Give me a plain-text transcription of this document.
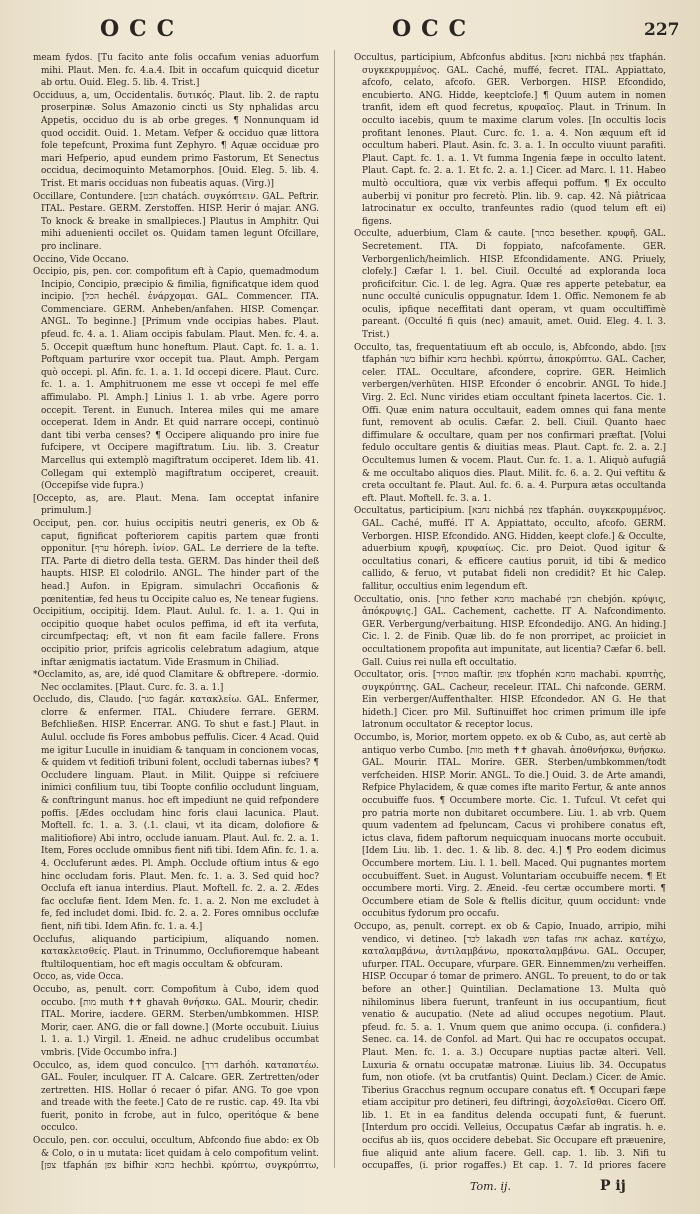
OCC	OCC	227

meam fydos. [Tu facito ante folis occafum venias aduorfum mihi. Plaut. Men. fc. 4.a.4. Ibit in occafum quicquid dicetur ab ortu. Ouid. Eleg. 5. lib. 4. Trist.]

Occiduus, a, um, Occidentalis. δυτικός. Plaut. lib. 2. de raptu proserpinæ. Solus Amazonio cincti us Sty nphalidas arcu Appetis, occiduo du is ab orbe greges. ¶ Nonnunquam id quod occidit. Ouid. 1. Metam. Vefper & occiduo quæ littora fole tepefcunt, Proxima funt Zephyro. ¶ Aquæ occiduæ pro mari Hefperio, apud eundem primo Fastorum, Et Senectus occidua, decimoquinto Metamorphos. [Ouid. Eleg. 5. lib. 4. Trist. Et maris occiduas non fubeatis aquas. (Virg.)]

Occillare, Contundere. [חבט chatách. συγκόπτειν. GAL. Peftrir. ITAL. Pestare. GERM. Zerstoffen. HISP. Herir ó majar. ANG. To knock & breake in smallpieces.] Plautus in Amphitr. Qui mihi aduenienti occilet os. Quidam tamen legunt Ofcillare, pro inclinare.

Occino, Vide Occano.

Occipio, pis, pen. cor. compofitum eft à Capio, quemadmodum Incipio, Concipio, præcipio & fimilia, fignificatque idem quod incipio. [הכל hechél. ἐνάρχομαι. GAL. Commencer. ITA. Commenciare. GERM. Anheben/anfahen. HISP. Començar. ANGL. To beginne.] [Primum vnde occipias habes. Plaut. pfeud. fc. 4. a. 1. Aliam occipis fabulam. Plaut. Men. fc. 4. a. 5. Occepit quæftum hunc honeftum. Plaut. Capt. fc. 1. a. 1. Poftquam parturire vxor occepit tua. Plaut. Amph. Pergam quò occepi. pl. Afin. fc. 1. a. 1. Id occepi dicere. Plaut. Curc. fc. 1. a. 1. Amphitruonem me esse vt occepi fe mel effe affimulabo. Pl. Amph.] Linius l. 1. ab vrbe. Agere porro occepit. Terent. in Eunuch. Interea miles qui me amare occeperat. Idem in Andr. Et quid narrare occepi, continuò dant tibi verba censes? ¶ Occipere aliquando pro inire fue fufcipere, vt Occipere magiftratum. Liu. lib. 3. Creatur Marcellus qui extemplò magiftratum occiperet. Idem lib. 41. Collegam qui extemplò magiftratum occiperet, creauit. (Occepifse vide fupra.)

[Occepto, as, are. Plaut. Mena. Iam occeptat infanire primulum.]

Occiput, pen. cor. huius occipitis neutri generis, ex Ob & caput, fignificat pofteriorem capitis partem quæ fronti opponitur. [ערף hóreph. ἰνίον. GAL. Le derriere de la tefte. ITA. Parte di dietro della testa. GERM. Das hinder theil deß haupts. HISP. El colodrilo. ANGL. The hinder part of the head.] Aufon. in Epigram. simulachri Occafionis & pœnitentiæ, fed heus tu Occipite caluo es, Ne tenear fugiens.

Occipitium, occipitij. Idem. Plaut. Aulul. fc. 1. a. 1. Qui in occipitio quoque habet oculos peffima, id eft ita verfuta, circumfpectaq; eft, vt non fit eam facile fallere. Frons occipitio prior, prifcis agricolis celebratum adagium, atque inftar ænigmatis iactatum. Vide Erasmum in Chiliad.

*Occlamito, as, are, idé quod Clamitare & obftrepere. -dormio. Nec occlamites. [Plaut. Curc. fc. 3. a. 1.]

Occludo, dis, Claudo. [סגר fagár. κατακλείω. GAL. Enfermer, clorre & enfermer. ITAL. Chiudere ferrare. GERM. Befchließen. HISP. Encerrar. ANG. To shut e fast.] Plaut. in Aulul. occlude fis Fores ambobus peffulis. Cicer. 4 Acad. Quid me igitur Luculle in inuidiam & tanquam in concionem vocas, & quidem vt feditiofi tribuni folent, occludi tabernas iubes? ¶ Occludere linguam. Plaut. in Milit. Quippe si refciuere inimici confilium tuu, tibi Toopte confilio occludunt linguam, & conftringunt manus. hoc eft impediunt ne quid refpondere poffis. [Ædes occludam hinc foris claui lacunica. Plaut. Moftell. fc. 1. a. 3. (.1. claui, vt ita dicam, dolofiore & malitiofiore) Abi intro, occlude ianuam. Plaut. Aul. fc. 2. a. 1. Item, Fores occlude omnibus fient nifi tibi. Idem Afin. fc. 1. a. 4. Occluferunt ædes. Pl. Amph. Occlude oftium intus & ego hinc occludam foris. Plaut. Men. fc. 1. a. 3. Sed quid hoc? Occlufa eft ianua interdius. Plaut. Moftell. fc. 2. a. 2. Ædes fac occlufæ fient. Idem Men. fc. 1. a. 2. Non me excludet à fe, fed includet domi. Ibid. fc. 2. a. 2. Fores omnibus occlufæ fient, nifi tibi. Idem Afin. fc. 1. a. 4.]

Occlufus, aliquando participium, aliquando nomen. κατακλεισθείς. Plaut. in Trinummo, Occlufioremque habeant ftultiloquentiam, hoc eft magis occultam & obfcuram.

Occo, as, vide Occa.

Occubo, as, penult. corr. Compofitum à Cubo, idem quod occubo. [מות muth ✝✝ ghavah θνήσκω. GAL. Mourir, chedir. ITAL. Morire, iacdere. GERM. Sterben/umbkommen. HISP. Morir, caer. ANG. die or fall downe.] (Morte occubuit. Liuius l. 1. a. 1.) Virgil. 1. Æneid. ne adhuc crudelibus occumbat vmbris. [Vide Occumbo infra.]

Occulco, as, idem quod conculco. [דרך darhóh. καταπατέω. GAL. Fouler, inculquer. IT A. Calcare. GER. Zertretten/oder zertretten. HIS. Hollar ó recaer ó pifar. ANG. To goe vpon and treade with the feete.] Cato de re rustic. cap. 49. Ita vbi fuerit, ponito in fcrobe, aut in fulco, operitóque & bene occulco.

Occulo, pen. cor. occului, occultum, Abfcondo fiue abdo: ex Ob & Colo, o in u mutata: licet quidam à celo compofitum velint. [צפן tfaphán צפן bifhir בחבא hechbì. κρύπτω, συγκρύπτω,

Occultus, participium, Abfconfus abditus. [נחבא nichbá צפון tfaphán. συγκεκρυμμένος. GAL. Caché, muffé, fecret. ITAL. Appiattato, afcofo, celato, afcofo. GER. Verborgen. HISP. Efcondido, encubierto. ANG. Hidde, keeptclofe.] ¶ Quum autem in nomen tranfit, idem eft quod fecretus, κρυφαῖος. Plaut. in Trinum. In occulto iacebis, quum te maxime clarum voles. [In occultis locis profitant lenones. Plaut. Curc. fc. 1. a. 4. Non æquum eft id occultum haberi. Plaut. Asin. fc. 3. a. 1. In occulto viuunt parafiti. Plaut. Capt. fc. 1. a. 1. Vt fumma Ingenia fæpe in occulto latent. Plaut. Capt. fc. 2. a. 1. Et fc. 2. a. 1.] Cicer. ad Marc. l. 11. Habeo multò occultiora, quæ vix verbis affequi poffum. ¶ Ex occulto auberbij vi ponitur pro fecretò. Plin. lib. 9. cap. 42. Nâ piâtricaa latrocinatur ex occulto, tranfeuntes radio (quod telum eft ei) figens.

Occulte, aduerbium, Clam & caute. [בסתר besether. κρυφῆ. GAL. Secretement. ITA. Di foppiato, nafcofamente. GER. Verborgenlich/heimlich. HISP. Efcondidamente. ANG. Priuely, clofely.] Cæfar l. 1. bel. Ciuil. Occulté ad exploranda loca proficifcitur. Cic. l. de leg. Agra. Quæ res apperte petebatur, ea nunc occulté cuniculis oppugnatur. Idem 1. Offic. Nemonem fe ab oculis, ipfique neceffitati dant operam, vt quam occultiffimè pareant. (Occulté fi quis (nec) amauit, amet. Ouid. Eleg. 4. l. 3. Trist.)

Occulto, tas, frequentatiuum eft ab occulo, is, Abfcondo, abdo. [צפן tfaphán בשר bifhir בחבא hechbì. κρύπτω, ἀποκρύπτω. GAL. Cacher, celer. ITAL. Occultare, afcondere, coprire. GER. Heimlich verbergen/verhüten. HISP. Efconder ó encobrir. ANGL To hide.] Virg. 2. Ecl. Nunc virides etiam occultant fpineta lacertos. Cic. 1. Offi. Quæ enim natura occultauit, eadem omnes qui fana mente funt, removent ab oculis. Cæfar. 2. bell. Ciuil. Quanto haec diffimulare & occultare, quam per nos confirmari præftat. [Volui fedulo occultare gentis & diuitias meas. Plaut. Capt. fc. 2. a. 2.] Occultemus lumen & vocem. Plaut. Cur. fc. 1. a. 1. Aliquò aufugiâ & me occultabo aliquos dies. Plaut. Milit. fc. 6. a. 2. Qui veftitu & creta occultant fe. Plaut. Aul. fc. 6. a. 4. Purpura ætas occultanda eft. Plaut. Moftell. fc. 3. a. 1.

Occultatus, participium. [נחבא nichbá צפון tfaphán. συγκεκρυμμένος. GAL. Caché, muffé. IT A. Appiattato, occulto, afcofo. GERM. Verborgen. HISP. Efcondido. ANG. Hidden, keept clofe.] & Occulte, aduerbium κρυφῆ, κρυφαίως. Cic. pro Deiot. Quod igitur & occultatius conari, & efficere cautius poruit, id tibi & medico callido, & feruo, vt putabat fideli non credidit? Et hic Calep. fallitur, occultius enim legendum eft.

Occultatio, onis. [סתר fether מחבא machabé חבין chebjón. κρύψις, ἀπόκρυψις.] GAL. Cachement, cachette. IT A. Nafcondimento. GER. Verbergung/verbaitung. HISP. Efcondedijo. ANG. An hiding.] Cic. l. 2. de Finib. Quæ lib. do fe non prorripet, ac proiiciet in occultationem propofita aut impunitate, aut licentia? Cæfar 6. bell. Gall. Cuius rei nulla eft occultatio.

Occultator, oris. [מסתיר maſtir. צופן tfophén מחבא machabi. κρυπτὴς, συγκρύπτης. GAL. Cacheur, receleur. ITAL. Chi nafconde. GERM. Ein verberger/Auffenthalter. HISP. Efcondedor. AN G. He that hideth.] Cicer. pro Mil. Suftinuiffet hoc crimen primum ille ipfe latronum occultator & receptor locus.

Occumbo, is, Morior, mortem oppeto. ex ob & Cubo, as, aut certè ab antiquo verbo Cumbo. [מות meth ✝✝ ghavah. ἀποθνήσκω, θνήσκω. GAL. Mourir. ITAL. Morire. GER. Sterben/umbkommen/todt verfcheiden. HISP. Morir. ANGL. To die.] Ouid. 3. de Arte amandi, Refpice Phylacidem, & quæ comes ifte marito Fertur, & ante annos occubuiffe fuos. ¶ Occumbere morte. Cic. 1. Tufcul. Vt cefet qui pro patria morte non dubitaret occumbere. Liu. 1. ab vrb. Quem quum vadentem ad fpeluncam, Cacus vi prohibere conatus eft, ictus clava, fidem paftorum nequicquam inuocans morte occubuit. [Idem Liu. lib. 1. dec. 1. & lib. 8. dec. 4.] ¶ Pro eodem dicimus Occumbere mortem. Liu. l. 1. bell. Maced. Qui pugnantes mortem occubuiffent. Suet. in August. Voluntariam occubuiffe necem. ¶ Et occumbere morti. Virg. 2. Æneid. -feu certæ occumbere morti. ¶ Occumbere etiam de Sole & ftellis dicitur, quum occidunt: vnde occubitus fydorum pro occafu.

Occupo, as, penult. corrept. ex ob & Capio, Inuado, arripio, mihi vendico, vi detineo. [לכד lakadh תפש tafas אחז achaz. κατέχω, καταλαμβάνω, ἀντιλαμβάνω, προκαταλαμβάνω. GAL. Occuper, ufurper. ITAL. Occupare, vfurpare. GER. Einnemmen/zu verheiffen. HISP. Occupar ó tomar de primero. ANGL. To preuent, to do or tak before an other.] Quintilian. Declamatione 13. Multa quò nihilominus libera fuerunt, tranfeunt in ius occupantium, ficut venatio & aucupatio. (Nete ad aliud occupes negotium. Plaut. pfeud. fc. 5. a. 1. Vnum quem que animo occupa. (i. confidera.) Senec. ca. 14. de Confol. ad Mart. Qui hac re occupatos occupat. Plaut. Men. fc. 1. a. 3.) Occupare nuptias pactæ alteri. Vell. Luxuria & ornatu occupatæ matronæ. Liuius lib. 34. Occupatus fum, non otiofe. (vt ba crutfantis) Quint. Declam.) Cicer. de Amic. Tiberius Gracchus regnum occupare conatus eft. ¶ Occupari fæpe etiam accipitur pro detineri, feu diftringi, ἀσχολεῖσθαι. Cicero Off. lib. 1. Et in ea fanditus delenda occupati funt, & fuerunt. [Interdum pro occidi. Velleius, Occupatus Cæfar ab ingratis. h. e. occifus ab iis, quos occidere debebat. Sic Occupare eft præuenire, fiue aliquid ante alium facere. Gell. cap. 1. lib. 3. Nifi tu occupaffes, (i. prior rogaffes.) Et cap. 1. 7. Id priores facere

Tom. ij.	P ij
